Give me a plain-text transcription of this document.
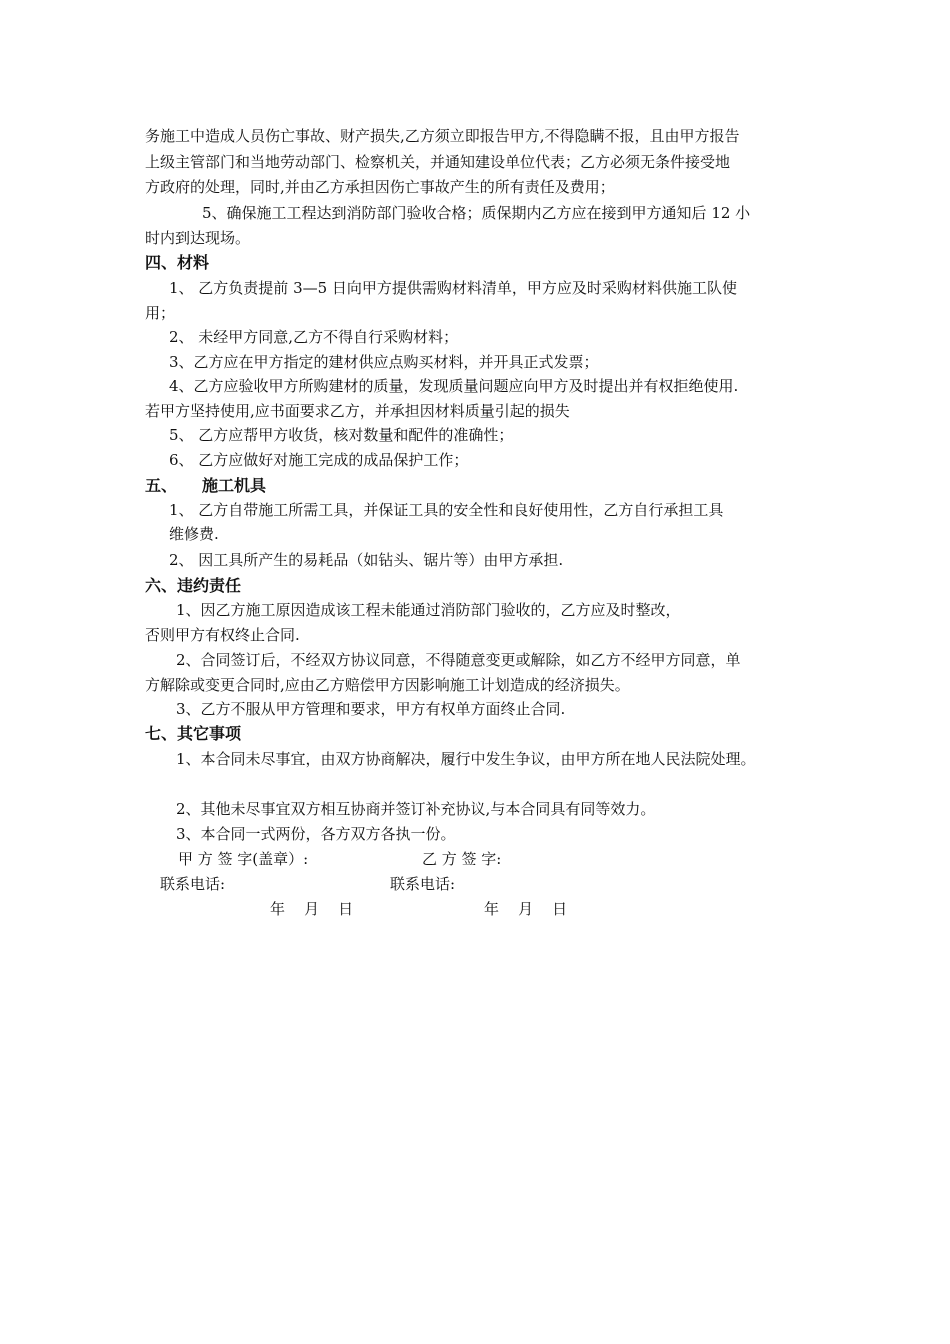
务施工中造成人员伤亡事故、财产损失,乙方须立即报告甲方,不得隐瞒不报，且由甲方报告
上级主管部门和当地劳动部门、检察机关，并通知建设单位代表；乙方必须无条件接受地
方政府的处理，同时,并由乙方承担因伤亡事故产生的所有责任及费用；
5、确保施工工程达到消防部门验收合格；质保期内乙方应在接到甲方通知后 12 小
时内到达现场。
四、材料
1、 乙方负责提前 3—5 日向甲方提供需购材料清单，甲方应及时采购材料供施工队使
用；
2、 未经甲方同意,乙方不得自行采购材料；
3、乙方应在甲方指定的建材供应点购买材料，并开具正式发票；
4、乙方应验收甲方所购建材的质量，发现质量问题应向甲方及时提出并有权拒绝使用.
若甲方坚持使用,应书面要求乙方，并承担因材料质量引起的损失
5、 乙方应帮甲方收货，核对数量和配件的准确性；
6、 乙方应做好对施工完成的成品保护工作；
五、 施工机具
1、 乙方自带施工所需工具，并保证工具的安全性和良好使用性，乙方自行承担工具
维修费.
2、 因工具所产生的易耗品（如钻头、锯片等）由甲方承担.
六、违约责任
1、因乙方施工原因造成该工程未能通过消防部门验收的，乙方应及时整改，
否则甲方有权终止合同.
2、合同签订后，不经双方协议同意，不得随意变更或解除，如乙方不经甲方同意，单
方解除或变更合同时,应由乙方赔偿甲方因影响施工计划造成的经济损失。
3、乙方不服从甲方管理和要求，甲方有权单方面终止合同.
七、其它事项
1、本合同未尽事宜，由双方协商解决，履行中发生争议，由甲方所在地人民法院处理。
2、其他未尽事宜双方相互协商并签订补充协议,与本合同具有同等效力。
3、本合同一式两份，各方双方各执一份。
甲 方 签 字(盖章）:	乙 方 签 字:
联系电话:	联系电话:
年    月    日	年    月    日
